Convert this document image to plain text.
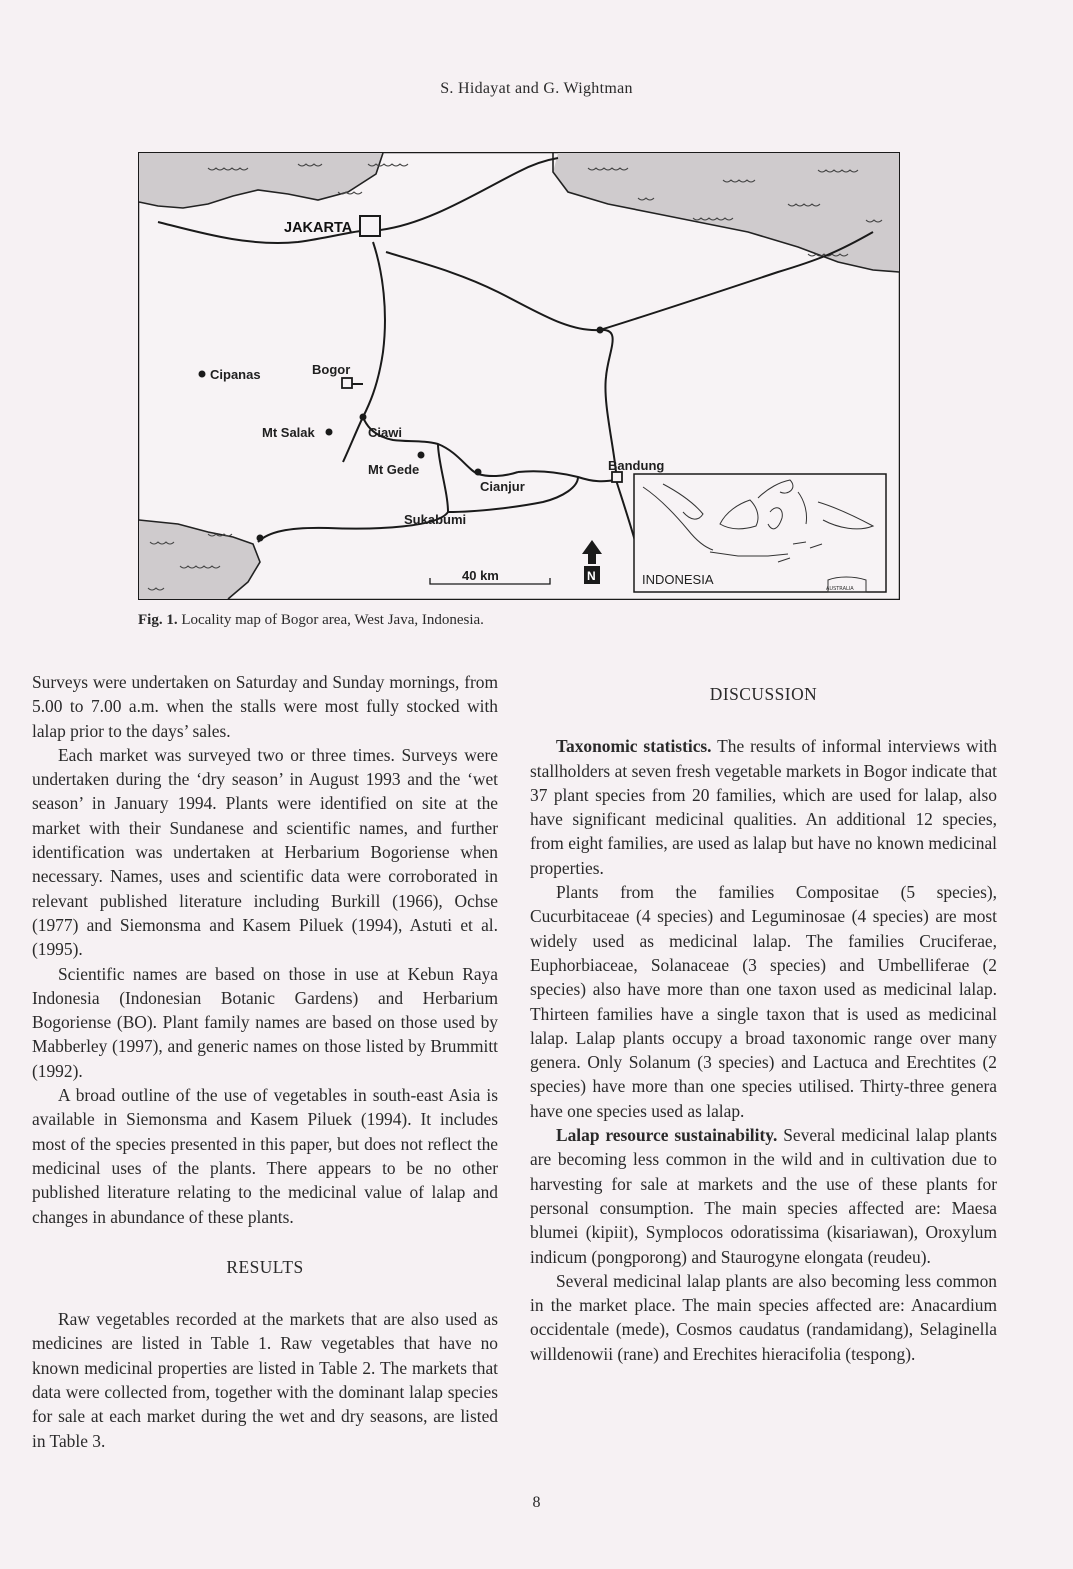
S. Hidayat and G. Wightman
JAKARTA
Cipanas	Bogor
Mt Salak	Ciawi
Mt Gede
Cianjur
Bandung
Sukabumi
40 km	N	INDONESIA
AUSTRALIA
Fig. 1. Locality map of Bogor area, West Java, Indonesia.

Surveys were undertaken on Saturday and Sunday mornings, from 5.00 to 7.00 a.m. when the stalls were most fully stocked with lalap prior to the days’ sales.

Each market was surveyed two or three times. Surveys were undertaken during the ‘dry season’ in August 1993 and the ‘wet season’ in January 1994. Plants were identified on site at the market with their Sundanese and scientific names, and further identification was undertaken at Herbarium Bogoriense when necessary. Names, uses and scientific data were corroborated in relevant published literature including Burkill (1966), Ochse (1977) and Siemonsma and Kasem Piluek (1994), Astuti et al. (1995).

Scientific names are based on those in use at Kebun Raya Indonesia (Indonesian Botanic Gardens) and Herbarium Bogoriense (BO). Plant family names are based on those used by Mabberley (1997), and generic names on those listed by Brummitt (1992).

A broad outline of the use of vegetables in south-east Asia is available in Siemonsma and Kasem Piluek (1994). It includes most of the species presented in this paper, but does not reflect the medicinal uses of the plants. There appears to be no other published literature relating to the medicinal value of lalap and changes in abundance of these plants.

RESULTS

Raw vegetables recorded at the markets that are also used as medicines are listed in Table 1. Raw vegetables that have no known medicinal properties are listed in Table 2. The markets that data were collected from, together with the dominant lalap species for sale at each market during the wet and dry seasons, are listed in Table 3.

DISCUSSION

Taxonomic statistics. The results of informal interviews with stallholders at seven fresh vegetable markets in Bogor indicate that 37 plant species from 20 families, which are used for lalap, also have significant medicinal qualities. An additional 12 species, from eight families, are used as lalap but have no known medicinal properties.

Plants from the families Compositae (5 species), Cucurbitaceae (4 species) and Leguminosae (4 species) are most widely used as medicinal lalap. The families Cruciferae, Euphorbiaceae, Solanaceae (3 species) and Umbelliferae (2 species) also have more than one taxon used as medicinal lalap. Thirteen families have a single taxon that is used as medicinal lalap. Lalap plants occupy a broad taxonomic range over many genera. Only Solanum (3 species) and Lactuca and Erechtites (2 species) have more than one species utilised. Thirty-three genera have one species used as lalap.

Lalap resource sustainability. Several medicinal lalap plants are becoming less common in the wild and in cultivation due to harvesting for sale at markets and the use of these plants for personal consumption. The main species affected are: Maesa blumei (kipiit), Symplocos odoratissima (kisariawan), Oroxylum indicum (pongporong) and Staurogyne elongata (reudeu).

Several medicinal lalap plants are also becoming less common in the market place. The main species affected are: Anacardium occidentale (mede), Cosmos caudatus (randamidang), Selaginella willdenowii (rane) and Erechites hieracifolia (tespong).

8
